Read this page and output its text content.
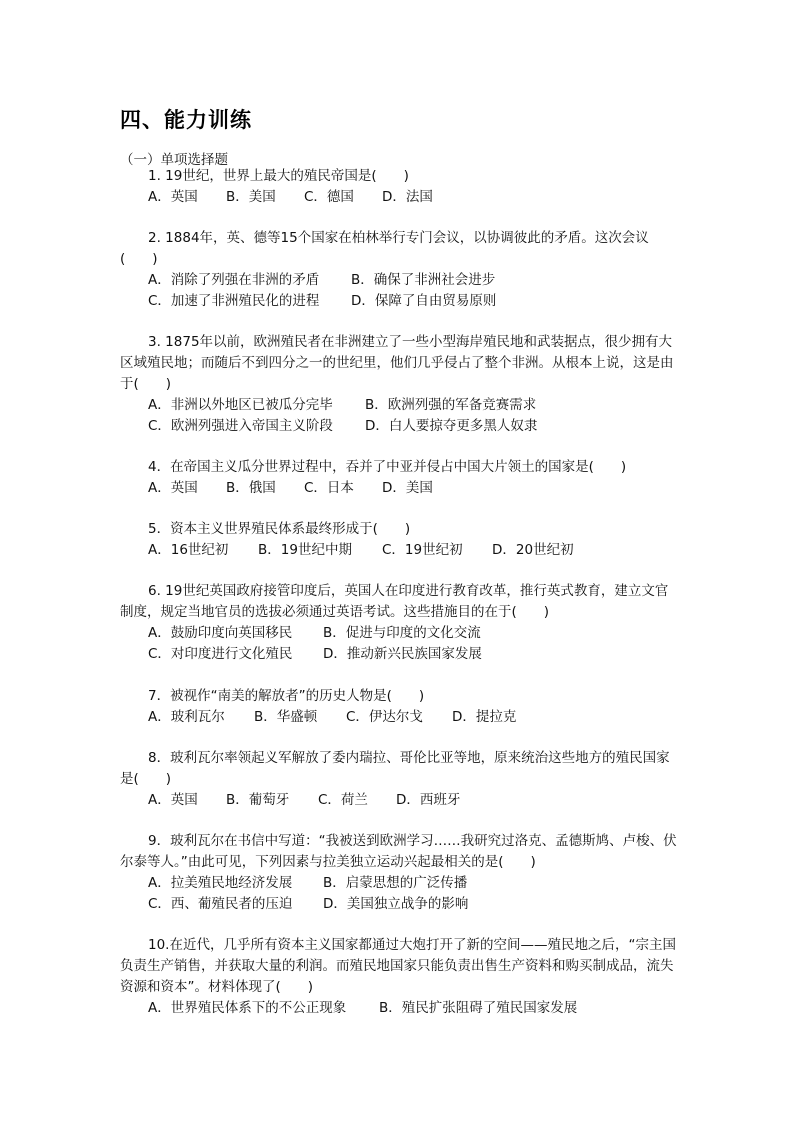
四、能力训练
（一）单项选择题
1. 19世纪，世界上最大的殖民帝国是(　　)
A．英国 B．美国 C．德国 D．法国
2. 1884年，英、德等15个国家在柏林举行专门会议，以协调彼此的矛盾。这次会议(　　)
A．消除了列强在非洲的矛盾 B．确保了非洲社会进步
C．加速了非洲殖民化的进程 D．保障了自由贸易原则
3. 1875年以前，欧洲殖民者在非洲建立了一些小型海岸殖民地和武装据点，很少拥有大区域殖民地；而随后不到四分之一的世纪里，他们几乎侵占了整个非洲。从根本上说，这是由于(　　)
A．非洲以外地区已被瓜分完毕 B．欧洲列强的军备竞赛需求
C．欧洲列强进入帝国主义阶段 D．白人要掠夺更多黑人奴隶
4．在帝国主义瓜分世界过程中，吞并了中亚并侵占中国大片领土的国家是(　　)
A．英国 B．俄国 C．日本 D．美国
5．资本主义世界殖民体系最终形成于(　　)
A．16世纪初 B．19世纪中期 C．19世纪初 D．20世纪初
6. 19世纪英国政府接管印度后，英国人在印度进行教育改革，推行英式教育，建立文官制度，规定当地官员的选拔必须通过英语考试。这些措施目的在于(　　)
A．鼓励印度向英国移民 B．促进与印度的文化交流
C．对印度进行文化殖民 D．推动新兴民族国家发展
7．被视作“南美的解放者”的历史人物是(　　)
A．玻利瓦尔 B．华盛顿 C．伊达尔戈 D．提拉克
8．玻利瓦尔率领起义军解放了委内瑞拉、哥伦比亚等地，原来统治这些地方的殖民国家是(　　)
A．英国 B．葡萄牙 C．荷兰 D．西班牙
9．玻利瓦尔在书信中写道：“我被送到欧洲学习……我研究过洛克、孟德斯鸠、卢梭、伏尔泰等人。”由此可见，下列因素与拉美独立运动兴起最相关的是(　　)
A．拉美殖民地经济发展 B．启蒙思想的广泛传播
C．西、葡殖民者的压迫 D．美国独立战争的影响
10.在近代，几乎所有资本主义国家都通过大炮打开了新的空间——殖民地之后，“宗主国负责生产销售，并获取大量的利润。而殖民地国家只能负责出售生产资料和购买制成品，流失资源和资本”。材料体现了(　　)
A．世界殖民体系下的不公正现象 B．殖民扩张阻碍了殖民国家发展
